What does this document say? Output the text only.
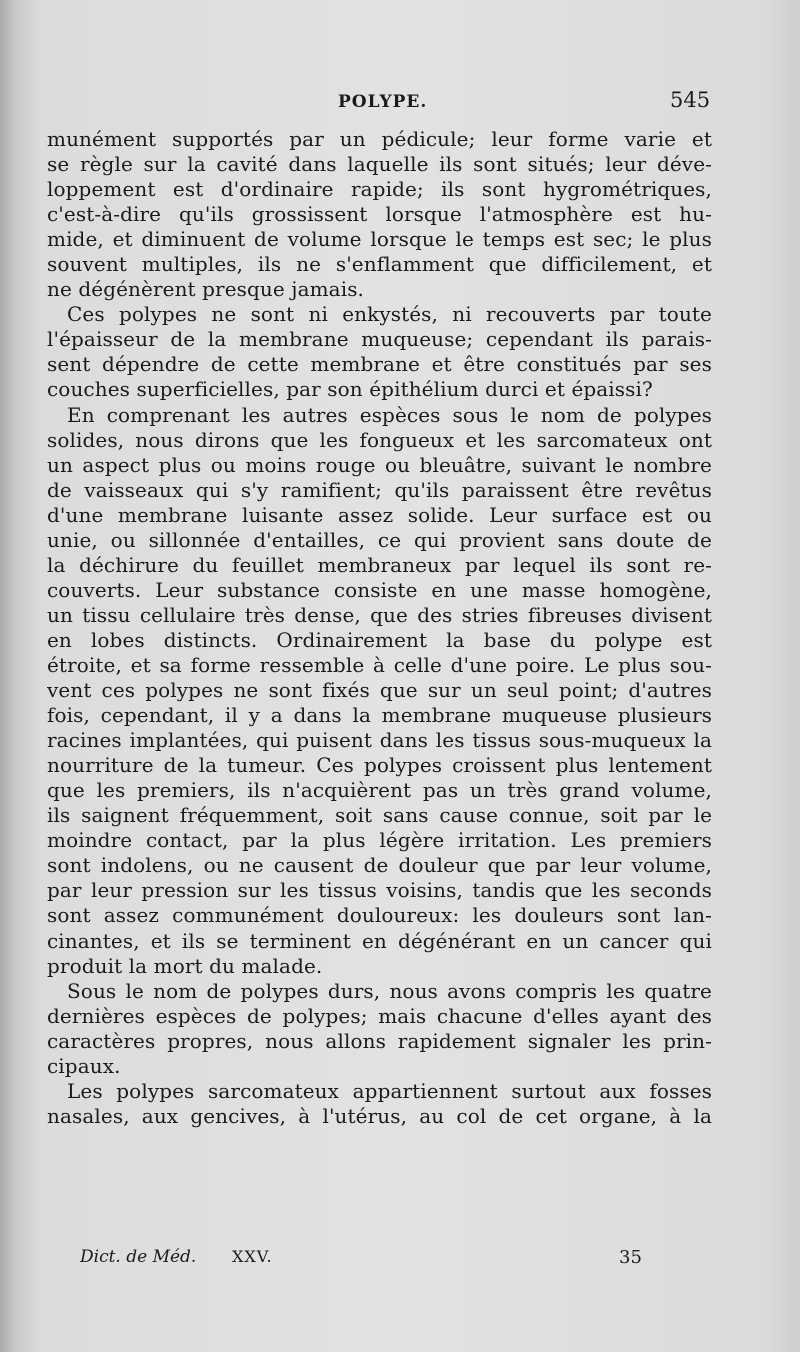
POLYPE.	545
munément supportés par un pédicule; leur forme varie et
se règle sur la cavité dans laquelle ils sont situés; leur déve-
loppement est d'ordinaire rapide; ils sont hygrométriques,
c'est-à-dire qu'ils grossissent lorsque l'atmosphère est hu-
mide, et diminuent de volume lorsque le temps est sec; le plus
souvent multiples, ils ne s'enflamment que difficilement, et
ne dégénèrent presque jamais.
Ces polypes ne sont ni enkystés, ni recouverts par toute
l'épaisseur de la membrane muqueuse; cependant ils parais-
sent dépendre de cette membrane et être constitués par ses
couches superficielles, par son épithélium durci et épaissi?
En comprenant les autres espèces sous le nom de polypes
solides, nous dirons que les fongueux et les sarcomateux ont
un aspect plus ou moins rouge ou bleuâtre, suivant le nombre
de vaisseaux qui s'y ramifient; qu'ils paraissent être revêtus
d'une membrane luisante assez solide. Leur surface est ou
unie, ou sillonnée d'entailles, ce qui provient sans doute de
la déchirure du feuillet membraneux par lequel ils sont re-
couverts. Leur substance consiste en une masse homogène,
un tissu cellulaire très dense, que des stries fibreuses divisent
en lobes distincts. Ordinairement la base du polype est
étroite, et sa forme ressemble à celle d'une poire. Le plus sou-
vent ces polypes ne sont fixés que sur un seul point; d'autres
fois, cependant, il y a dans la membrane muqueuse plusieurs
racines implantées, qui puisent dans les tissus sous-muqueux la
nourriture de la tumeur. Ces polypes croissent plus lentement
que les premiers, ils n'acquièrent pas un très grand volume,
ils saignent fréquemment, soit sans cause connue, soit par le
moindre contact, par la plus légère irritation. Les premiers
sont indolens, ou ne causent de douleur que par leur volume,
par leur pression sur les tissus voisins, tandis que les seconds
sont assez communément douloureux: les douleurs sont lan-
cinantes, et ils se terminent en dégénérant en un cancer qui
produit la mort du malade.
Sous le nom de polypes durs, nous avons compris les quatre
dernières espèces de polypes; mais chacune d'elles ayant des
caractères propres, nous allons rapidement signaler les prin-
cipaux.
Les polypes sarcomateux appartiennent surtout aux fosses
nasales, aux gencives, à l'utérus, au col de cet organe, à la
Dict. de Méd. XXV.	35
